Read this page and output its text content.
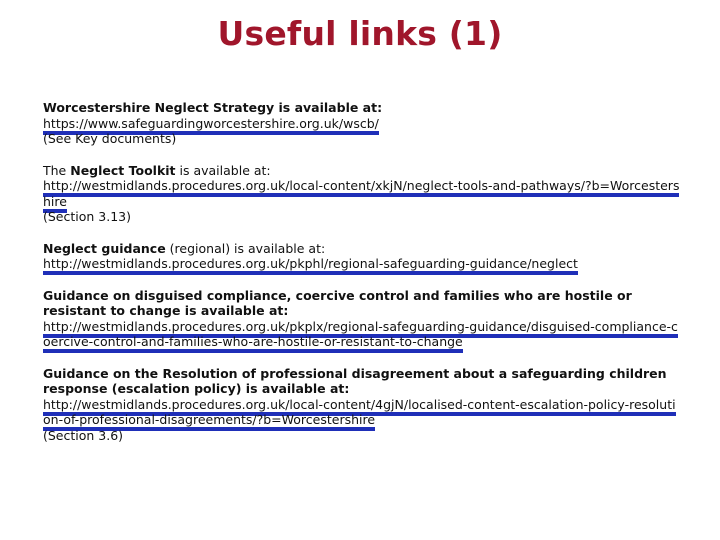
Useful links (1)

Worcestershire Neglect Strategy is available at:

https://www.safeguardingworcestershire.org.uk/wscb/

(See Key documents)

The Neglect Toolkit is available at:

http://westmidlands.procedures.org.uk/local-content/xkjN/neglect-tools-and-pathways/?b=Worcestershire

(Section 3.13)

Neglect guidance (regional) is available at:

http://westmidlands.procedures.org.uk/pkphl/regional-safeguarding-guidance/neglect

Guidance on disguised compliance, coercive control and families who are hostile or resistant to change is available at:

http://westmidlands.procedures.org.uk/pkplx/regional-safeguarding-guidance/disguised-compliance-coercive-control-and-families-who-are-hostile-or-resistant-to-change

Guidance on the Resolution of professional disagreement about a safeguarding children response (escalation policy) is available at:

http://westmidlands.procedures.org.uk/local-content/4gjN/localised-content-escalation-policy-resolution-of-professional-disagreements/?b=Worcestershire

(Section 3.6)
